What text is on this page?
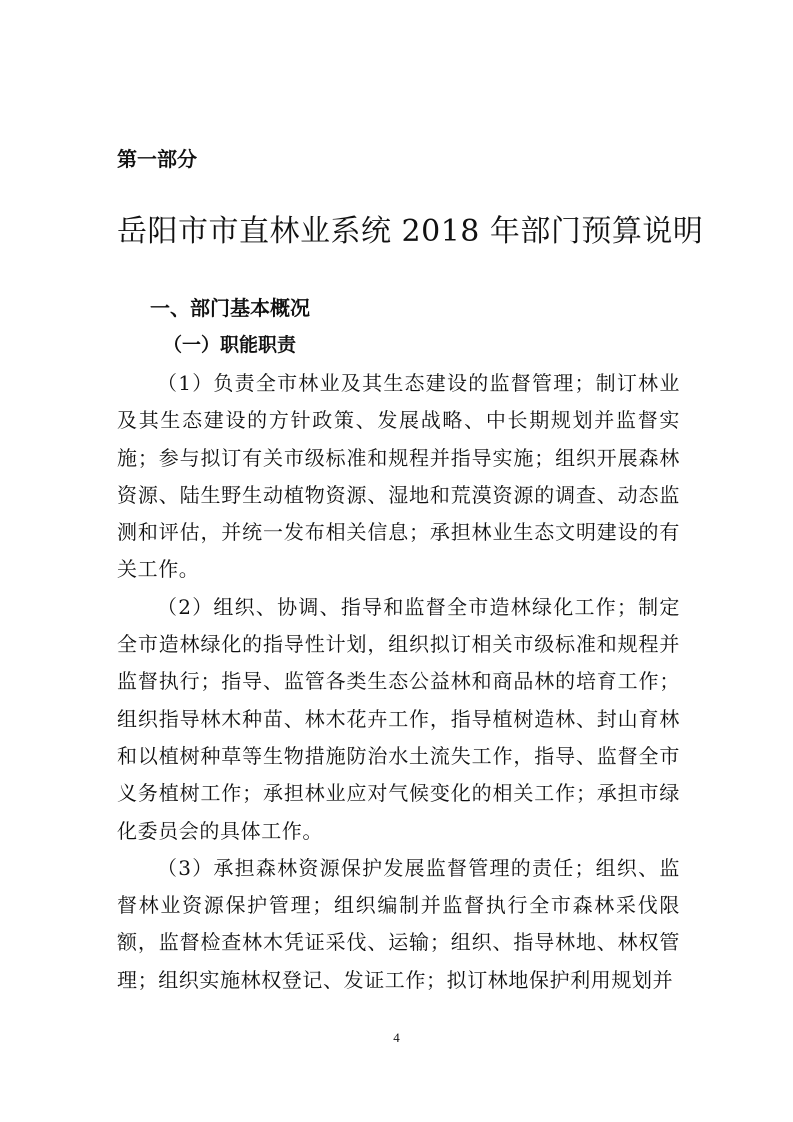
第一部分
岳阳市市直林业系统 2018 年部门预算说明
一、部门基本概况
（一）职能职责

（1）负责全市林业及其生态建设的监督管理；制订林业及其生态建设的方针政策、发展战略、中长期规划并监督实施；参与拟订有关市级标准和规程并指导实施；组织开展森林资源、陆生野生动植物资源、湿地和荒漠资源的调查、动态监测和评估，并统一发布相关信息；承担林业生态文明建设的有关工作。

（2）组织、协调、指导和监督全市造林绿化工作；制定全市造林绿化的指导性计划，组织拟订相关市级标准和规程并监督执行；指导、监管各类生态公益林和商品林的培育工作；组织指导林木种苗、林木花卉工作，指导植树造林、封山育林和以植树种草等生物措施防治水土流失工作，指导、监督全市义务植树工作；承担林业应对气候变化的相关工作；承担市绿化委员会的具体工作。

（3）承担森林资源保护发展监督管理的责任；组织、监督林业资源保护管理；组织编制并监督执行全市森林采伐限额，监督检查林木凭证采伐、运输；组织、指导林地、林权管理；组织实施林权登记、发证工作；拟订林地保护利用规划并

4
